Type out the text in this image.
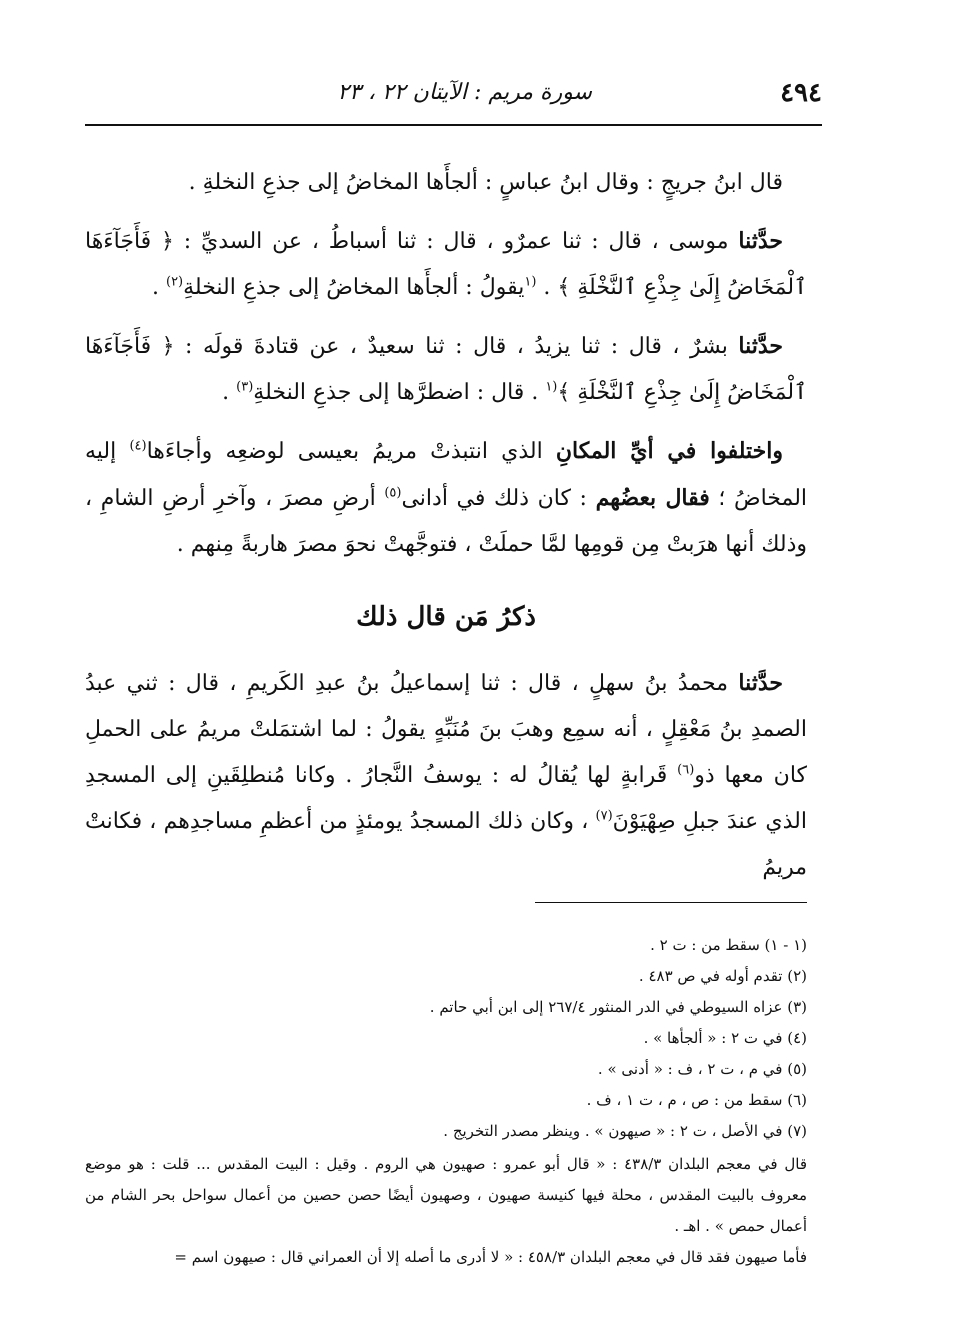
٤٩٤
سورة مريم : الآيتان ٢٢ ، ٢٣

قال ابنُ جريجٍ : وقال ابنُ عباسٍ : ألجأَها المخاضُ إلى جذعِ النخلةِ .

حدَّثنا موسى ، قال : ثنا عمرٌو ، قال : ثنا أسباطُ ، عن السديِّ : ﴿ فَأَجَآءَهَا ٱلْمَخَاضُ إِلَىٰ جِذْعِ ٱلنَّخْلَةِ ﴾ . $^{(١}$يقولُ : ألجأَها المخاضُ إلى جذعِ النخلةِ$^{(٢)}$ .

حدَّثنا بشرٌ ، قال : ثنا يزيدُ ، قال : ثنا سعيدٌ ، عن قتادةَ قولَه : ﴿ فَأَجَآءَهَا ٱلْمَخَاضُ إِلَىٰ جِذْعِ ٱلنَّخْلَةِ ﴾$^{(١}$ . قال : اضطرَّها إلى جذعِ النخلةِ$^{(٣)}$ .

واختلفوا في أيِّ المكانِ الذي انتبذتْ مريمُ بعيسى لوضعِه وأجاءَها$^{(٤)}$ إليه المخاضُ ؛ فقال بعضُهم : كان ذلك في أدانى$^{(٥)}$ أرضِ مصرَ ، وآخرِ أرضِ الشامِ ، وذلك أنها هرَبتْ مِن قومِها لمَّا حملَتْ ، فتوجَّهتْ نحوَ مصرَ هاربةً مِنهم .

ذكرُ مَن قال ذلك

حدَّثنا محمدُ بنُ سهلٍ ، قال : ثنا إسماعيلُ بنُ عبدِ الكَريمِ ، قال : ثني عبدُ الصمدِ بنُ مَعْقِلٍ ، أنه سمِع وهبَ بنَ مُنَبِّهٍ يقولُ : لما اشتمَلتْ مريمُ على الحملِ كان معها ذو$^{(٦)}$ قَرابةٍ لها يُقالُ له : يوسفُ النَّجارُ . وكانا مُنطلِقَينِ إلى المسجدِ الذي عندَ جبلِ صِهْيَوْنَ$^{(٧)}$ ، وكان ذلك المسجدُ يومئذٍ من أعظمِ مساجدِهم ، فكانتْ مريمُ

(١ - ١) سقط من : ت ٢ .

(٢) تقدم أوله في ص ٤٨٣ .

(٣) عزاه السيوطي في الدر المنثور ٢٦٧/٤ إلى ابن أبي حاتم .

(٤) في ت ٢ : « ألجأها » .

(٥) في م ، ت ٢ ، ف : « أدنى » .

(٦) سقط من : ص ، م ، ت ١ ، ف .

(٧) في الأصل ، ت ٢ : « صيهون » . وينظر مصدر التخريج .

قال في معجم البلدان ٤٣٨/٣ : « قال أبو عمرو : صهيون هي الروم . وقيل : البيت المقدس ... قلت : هو موضع معروف بالبيت المقدس ، محلة فيها كنيسة صهيون ، وصهيون أيضًا حصن حصين من أعمال سواحل بحر الشام من أعمال حمص » . اهـ .

فأما صيهون فقد قال في معجم البلدان ٤٥٨/٣ : « لا أدرى ما أصله إلا أن العمراني قال : صيهون اسم =
